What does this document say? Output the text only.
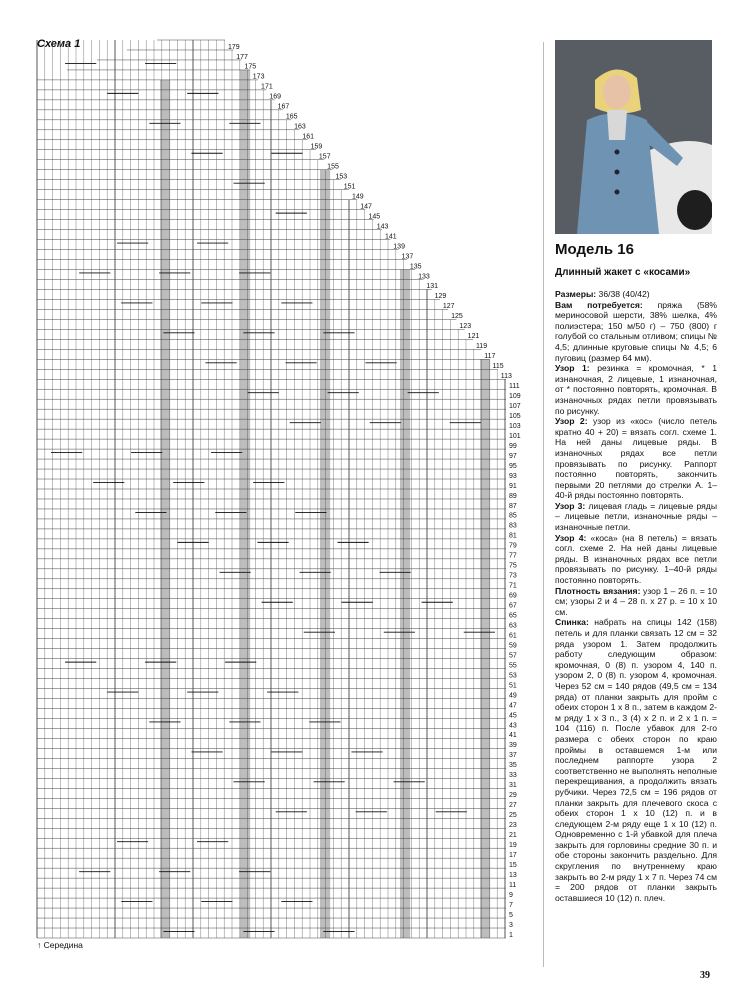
Схема 1	179
177
175
173
171
169
167
165
163
161
159
157
155
153
151
149
147
145
143
141
139
137
135
133
131
129
127
125
123
121
119
117
115
113
111
109
107
105
103
101
99
97
95
93
91
89
87
85
83
81
79
77
75
73
71
69
67
65
63
61
59
57
55
53
51
49
47
45
43
41
39
37
35
33
31
29
27
25
23
21
19
17
15
13
11
9
7
5
3
1
↑ Середина
Модель 16
Длинный жакет с «косами»

Размеры: 36/38 (40/42)

Вам потребуется: пряжа (58% мериносовой шерсти, 38% шелка, 4% полиэстера; 150 м/50 г) – 750 (800) г голубой со стальным отливом; спицы № 4,5; длинные круговые спицы № 4,5; 6 пуговиц (размер 64 мм).

Узор 1: резинка = кромочная, * 1 изнаночная, 2 лицевые, 1 изнаночная, от * постоянно повторять, кромочная. В изнаночных рядах петли провязывать по рисунку.

Узор 2: узор из «кос» (число петель кратно 40 + 20) = вязать согл. схеме 1. На ней даны лицевые ряды. В изнаночных рядах все петли провязывать по рисунку. Раппорт постоянно повторять, закончить первыми 20 петлями до стрелки А. 1–40-й ряды постоянно повторять.

Узор 3: лицевая гладь = лицевые ряды – лицевые петли, изнаночные ряды – изнаночные петли.

Узор 4: «коса» (на 8 петель) = вязать согл. схеме 2. На ней даны лицевые ряды. В изнаночных рядах все петли провязывать по рисунку. 1–40-й ряды постоянно повторять.

Плотность вязания: узор 1 – 26 п. = 10 см; узоры 2 и 4 – 28 п. х 27 р. = 10 х 10 см.

Спинка: набрать на спицы 142 (158) петель и для планки связать 12 см = 32 ряда узором 1. Затем продолжить работу следующим образом: кромочная, 0 (8) п. узором 4, 140 п. узором 2, 0 (8) п. узором 4, кромочная. Через 52 см = 140 рядов (49,5 см = 134 ряда) от планки закрыть для пройм с обеих сторон 1 х 8 п., затем в каждом 2-м ряду 1 х 3 п., 3 (4) х 2 п. и 2 х 1 п. = 104 (116) п. После убавок для 2-го размера с обеих сторон по краю проймы в оставшемся 1-м или последнем раппорте узора 2 соответственно не выполнять неполные перекрещивания, а продолжить вязать рубчики. Через 72,5 см = 196 рядов от планки закрыть для плечевого скоса с обеих сторон 1 х 10 (12) п. и в следующем 2-м ряду еще 1 х 10 (12) п. Одновременно с 1-й убавкой для плеча закрыть для горловины средние 30 п. и обе стороны закончить раздельно. Для скругления по внутреннему краю закрыть во 2-м ряду 1 х 7 п. Через 74 см = 200 рядов от планки закрыть оставшиеся 10 (12) п. плеч.

39
